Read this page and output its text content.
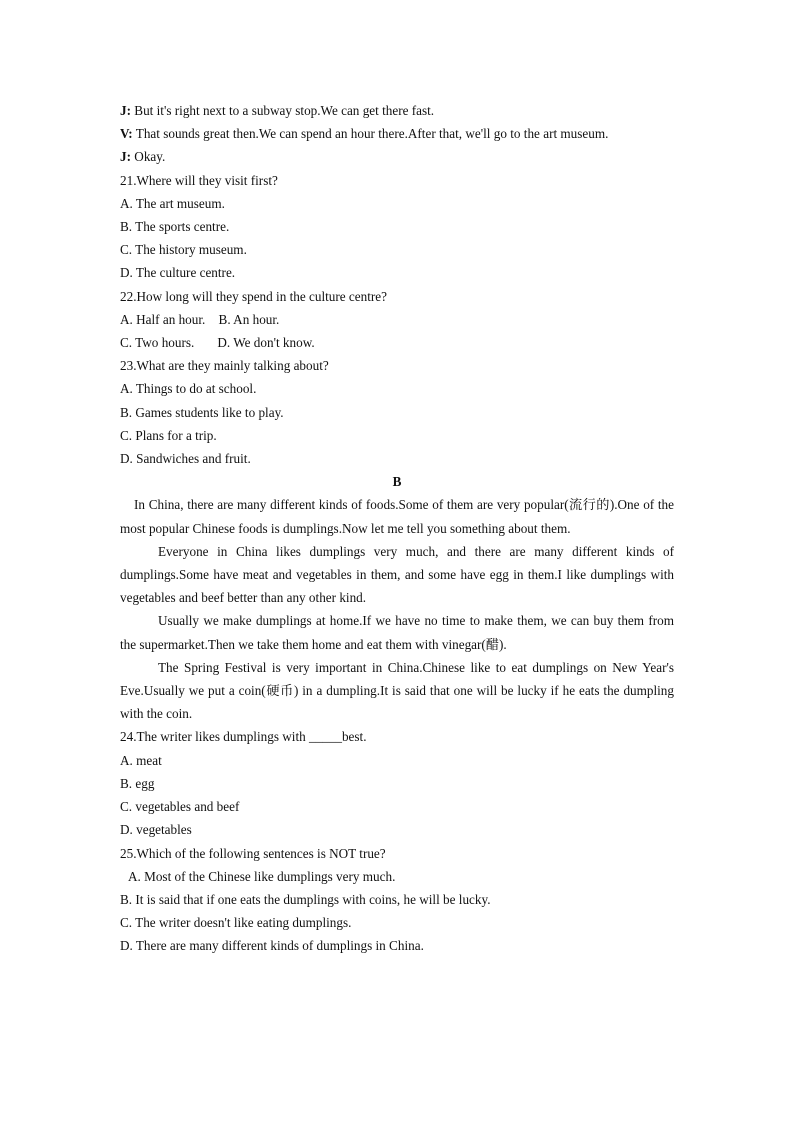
J: But it's right next to a subway stop.We can get there fast.
V: That sounds great then.We can spend an hour there.After that, we'll go to the art museum.
J: Okay.
21.Where will they visit first?
A. The art museum.
B. The sports centre.
C. The history museum.
D. The culture centre.
22.How long will they spend in the culture centre?
A. Half an hour.    B. An hour.
C. Two hours.       D. We don't know.
23.What are they mainly talking about?
A. Things to do at school.
B. Games students like to play.
C. Plans for a trip.
D. Sandwiches and fruit.
B
In China, there are many different kinds of foods.Some of them are very popular(流行的).One of the most popular Chinese foods is dumplings.Now let me tell you something about them.
Everyone in China likes dumplings very much, and there are many different kinds of dumplings.Some have meat and vegetables in them, and some have egg in them.I like dumplings with vegetables and beef better than any other kind.
Usually we make dumplings at home.If we have no time to make them, we can buy them from the supermarket.Then we take them home and eat them with vinegar(醋).
The Spring Festival is very important in China.Chinese like to eat dumplings on New Year's Eve.Usually we put a coin(硬币) in a dumpling.It is said that one will be lucky if he eats the dumpling with the coin.
24.The writer likes dumplings with _____best.
A. meat
B. egg
C. vegetables and beef
D. vegetables
25.Which of the following sentences is NOT true?
A. Most of the Chinese like dumplings very much.
B. It is said that if one eats the dumplings with coins, he will be lucky.
C. The writer doesn't like eating dumplings.
D. There are many different kinds of dumplings in China.
